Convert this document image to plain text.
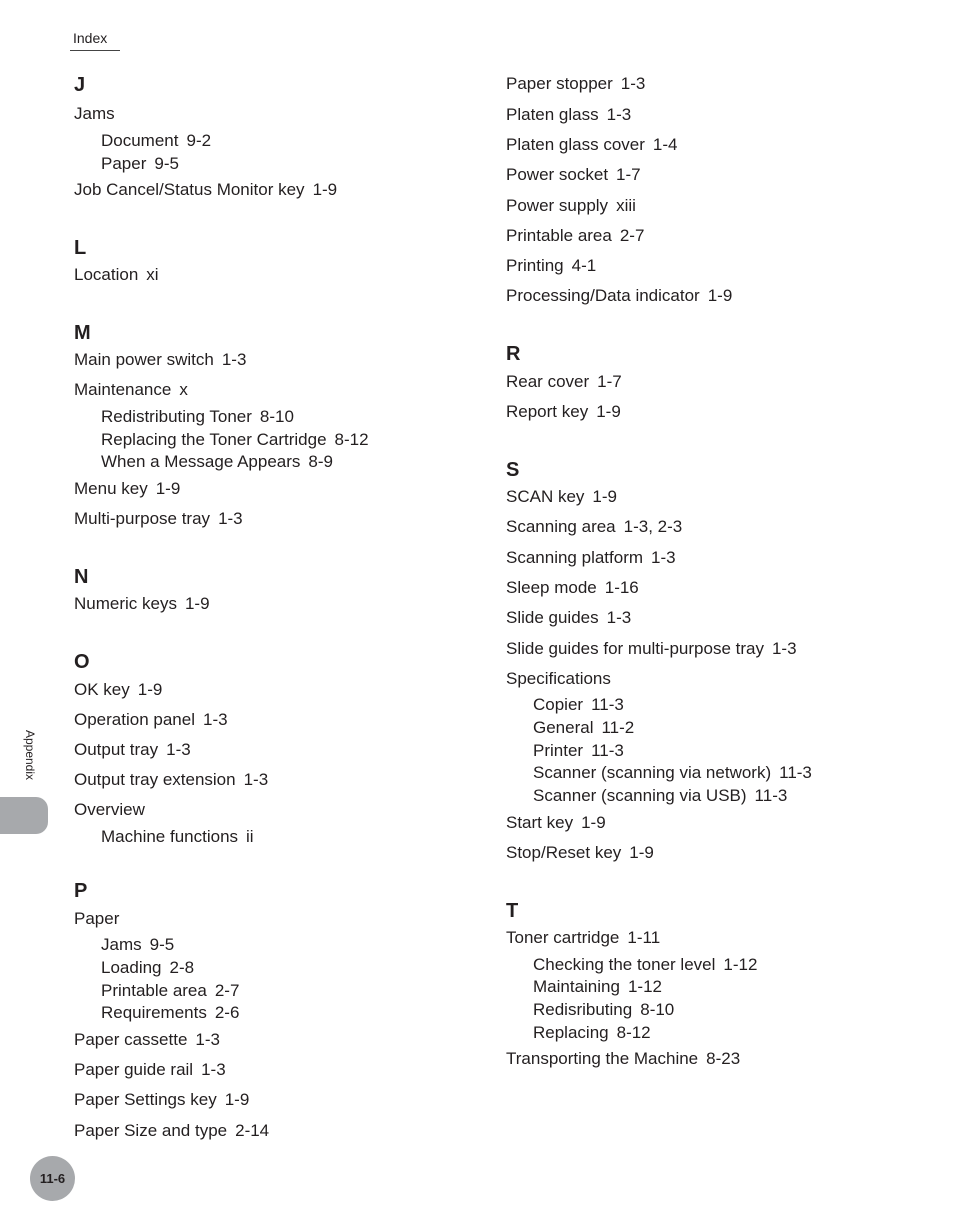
Index
J
Jams
Document 9-2
Paper 9-5
Job Cancel/Status Monitor key 1-9
L
Location xi
M
Main power switch 1-3
Maintenance x
Redistributing Toner 8-10
Replacing the Toner Cartridge 8-12
When a Message Appears 8-9
Menu key 1-9
Multi-purpose tray 1-3
N
Numeric keys 1-9
O
OK key 1-9
Operation panel 1-3
Output tray 1-3
Output tray extension 1-3
Overview
Machine functions ii
P
Paper
Jams 9-5
Loading 2-8
Printable area 2-7
Requirements 2-6
Paper cassette 1-3
Paper guide rail 1-3
Paper Settings key 1-9
Paper Size and type 2-14
Paper stopper 1-3
Platen glass 1-3
Platen glass cover 1-4
Power socket 1-7
Power supply xiii
Printable area 2-7
Printing 4-1
Processing/Data indicator 1-9
R
Rear cover 1-7
Report key 1-9
S
SCAN key 1-9
Scanning area 1-3, 2-3
Scanning platform 1-3
Sleep mode 1-16
Slide guides 1-3
Slide guides for multi-purpose tray 1-3
Specifications
Copier 11-3
General 11-2
Printer 11-3
Scanner (scanning via network) 11-3
Scanner (scanning via USB) 11-3
Start key 1-9
Stop/Reset key 1-9
T
Toner cartridge 1-11
Checking the toner level 1-12
Maintaining 1-12
Redisributing 8-10
Replacing 8-12
Transporting the Machine 8-23
Appendix
11-6
